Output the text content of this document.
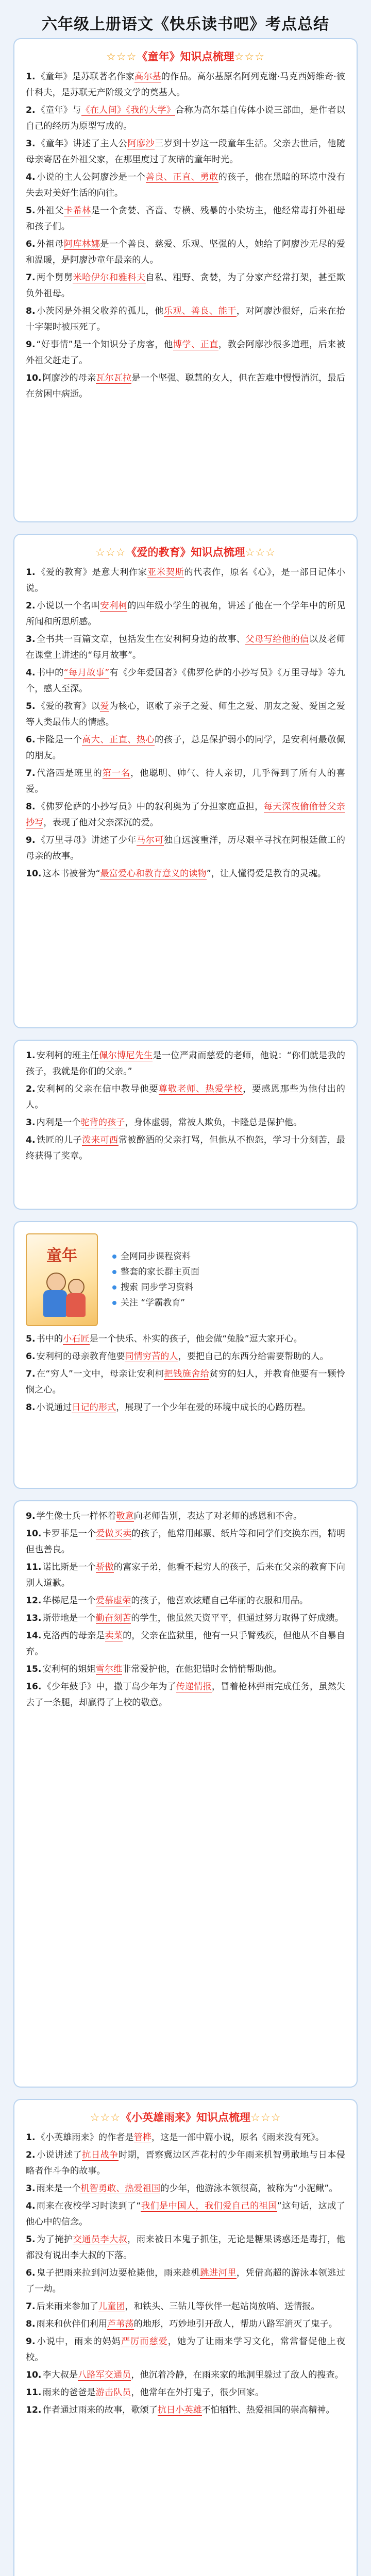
六年级上册语文《快乐读书吧》考点总结
☆☆☆《童年》知识点梳理☆☆☆
1. 《童年》是苏联著名作家高尔基的作品。高尔基原名阿列克谢·马克西姆维奇·彼什科夫，是苏联无产阶级文学的奠基人。
2. 《童年》与《在人间》《我的大学》合称为高尔基自传体小说三部曲，是作者以自己的经历为原型写成的。
3. 《童年》讲述了主人公阿廖沙三岁到十岁这一段童年生活。父亲去世后，他随母亲寄居在外祖父家，在那里度过了灰暗的童年时光。
4. 小说的主人公阿廖沙是一个善良、正直、勇敢的孩子，他在黑暗的环境中没有失去对美好生活的向往。
5. 外祖父卡希林是一个贪婪、吝啬、专横、残暴的小染坊主，他经常毒打外祖母和孩子们。
6. 外祖母阿库林娜是一个善良、慈爱、乐观、坚强的人，她给了阿廖沙无尽的爱和温暖，是阿廖沙童年最亲的人。
7. 两个舅舅米哈伊尔和雅科夫自私、粗野、贪婪，为了分家产经常打架，甚至欺负外祖母。
8. 小茨冈是外祖父收养的孤儿，他乐观、善良、能干，对阿廖沙很好，后来在抬十字架时被压死了。
9. “好事情”是一个知识分子房客，他博学、正直，教会阿廖沙很多道理，后来被外祖父赶走了。
10. 阿廖沙的母亲瓦尔瓦拉是一个坚强、聪慧的女人，但在苦难中慢慢消沉，最后在贫困中病逝。
☆☆☆《爱的教育》知识点梳理☆☆☆
1. 《爱的教育》是意大利作家亚米契斯的代表作，原名《心》，是一部日记体小说。
2. 小说以一个名叫安利柯的四年级小学生的视角，讲述了他在一个学年中的所见所闻和所思所感。
3. 全书共一百篇文章，包括发生在安利柯身边的故事、父母写给他的信以及老师在课堂上讲述的“每月故事”。
4. 书中的“每月故事”有《少年爱国者》《佛罗伦萨的小抄写员》《万里寻母》等九个，感人至深。
5. 《爱的教育》以爱为核心，讴歌了亲子之爱、师生之爱、朋友之爱、爱国之爱等人类最伟大的情感。
6. 卡隆是一个高大、正直、热心的孩子，总是保护弱小的同学，是安利柯最敬佩的朋友。
7. 代洛西是班里的第一名，他聪明、帅气、待人亲切，几乎得到了所有人的喜爱。
8. 《佛罗伦萨的小抄写员》中的叙利奥为了分担家庭重担，每天深夜偷偷替父亲抄写，表现了他对父亲深沉的爱。
9. 《万里寻母》讲述了少年马尔可独自远渡重洋，历尽艰辛寻找在阿根廷做工的母亲的故事。
10. 这本书被誉为“最富爱心和教育意义的读物”，让人懂得爱是教育的灵魂。
1. 安利柯的班主任佩尔博尼先生是一位严肃而慈爱的老师，他说：“你们就是我的孩子，我就是你们的父亲。”
2. 安利柯的父亲在信中教导他要尊敬老师、热爱学校，要感恩那些为他付出的人。
3. 内利是一个驼背的孩子，身体虚弱，常被人欺负，卡隆总是保护他。
4. 铁匠的儿子泼来可西常被醉酒的父亲打骂，但他从不抱怨，学习十分刻苦，最终获得了奖章。
童年	全网同步课程资料
整套的家长群主页面
搜索 同步学习资料
关注 “学霸教育”
5. 书中的小石匠是一个快乐、朴实的孩子，他会做“兔脸”逗大家开心。
6. 安利柯的母亲教育他要同情穷苦的人，要把自己的东西分给需要帮助的人。
7. 在“穷人”一文中，母亲让安利柯把钱施舍给贫穷的妇人，并教育他要有一颗怜悯之心。
8. 小说通过日记的形式，展现了一个少年在爱的环境中成长的心路历程。
9. 学生像士兵一样怀着敬意向老师告别，表达了对老师的感恩和不舍。
10. 卡罗菲是一个爱做买卖的孩子，他常用邮票、纸片等和同学们交换东西，精明但也善良。
11. 诺比斯是一个骄傲的富家子弟，他看不起穷人的孩子，后来在父亲的教育下向别人道歉。
12. 华梯尼是一个爱慕虚荣的孩子，他喜欢炫耀自己华丽的衣服和用品。
13. 斯带地是一个勤奋刻苦的学生，他虽然天资平平，但通过努力取得了好成绩。
14. 克洛西的母亲是卖菜的，父亲在监狱里，他有一只手臂残疾，但他从不自暴自弃。
15. 安利柯的姐姐雪尔维非常爱护他，在他犯错时会悄悄帮助他。
16. 《少年鼓手》中，撒丁岛少年为了传递情报，冒着枪林弹雨完成任务，虽然失去了一条腿，却赢得了上校的敬意。
☆☆☆《小英雄雨来》知识点梳理☆☆☆
1. 《小英雄雨来》的作者是管桦，这是一部中篇小说，原名《雨来没有死》。
2. 小说讲述了抗日战争时期，晋察冀边区芦花村的少年雨来机智勇敢地与日本侵略者作斗争的故事。
3. 雨来是一个机智勇敢、热爱祖国的少年，他游泳本领很高，被称为“小泥鳅”。
4. 雨来在夜校学习时读到了“我们是中国人，我们爱自己的祖国”这句话，这成了他心中的信念。
5. 为了掩护交通员李大叔，雨来被日本鬼子抓住，无论是糖果诱惑还是毒打，他都没有说出李大叔的下落。
6. 鬼子把雨来拉到河边要枪毙他，雨来趁机跳进河里，凭借高超的游泳本领逃过了一劫。
7. 后来雨来参加了儿童团，和铁头、三钻儿等伙伴一起站岗放哨、送情报。
8. 雨来和伙伴们利用芦苇荡的地形，巧妙地引开敌人，帮助八路军消灭了鬼子。
9. 小说中，雨来的妈妈严厉而慈爱，她为了让雨来学习文化，常常督促他上夜校。
10. 李大叔是八路军交通员，他沉着冷静，在雨来家的地洞里躲过了敌人的搜查。
11. 雨来的爸爸是游击队员，他常年在外打鬼子，很少回家。
12. 作者通过雨来的故事，歌颂了抗日小英雄不怕牺牲、热爱祖国的崇高精神。
